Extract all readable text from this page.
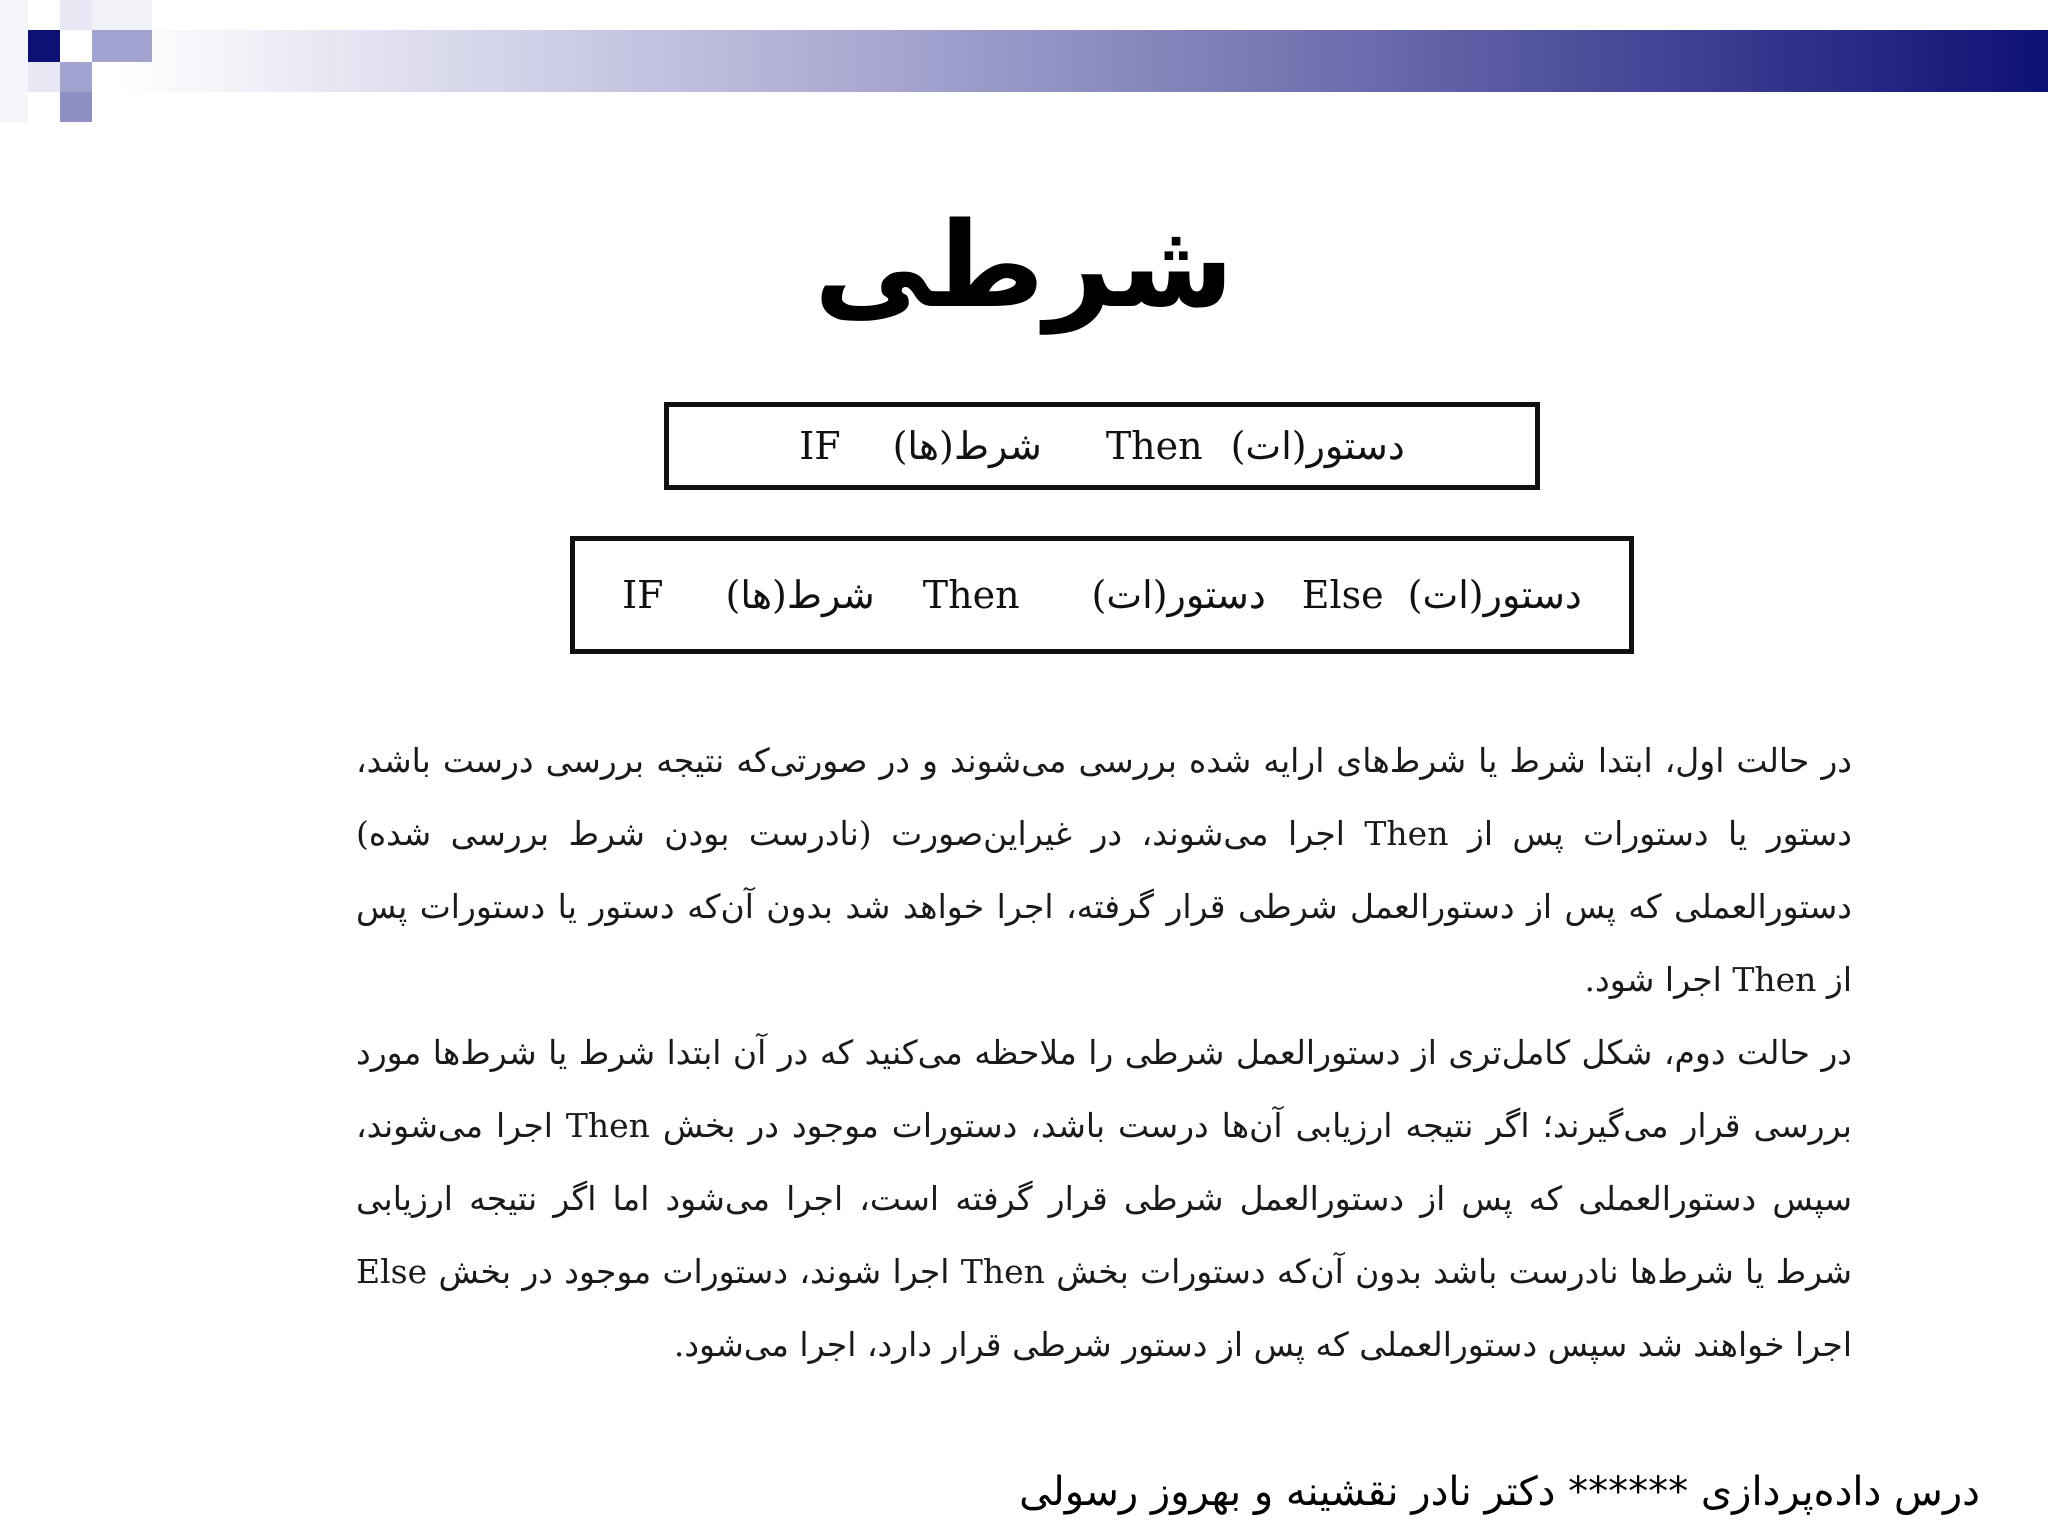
شرطی
IF شرط(ها) Then دستور(ات)
IF شرط(ها) Then دستور(ات) Else دستور(ات)

در حالت اول، ابتدا شرط یا شرط‌های ارایه شده بررسی می‌شوند و در صورتی‌که نتیجه بررسی درست باشد، دستور یا دستورات پس از Then اجرا می‌شوند، در غیراین‌صورت (نادرست بودن شرط بررسی شده) دستورالعملی که پس از دستورالعمل شرطی قرار گرفته، اجرا خواهد شد بدون آن‌که دستور یا دستورات پس از Then اجرا شود.

در حالت دوم، شکل کامل‌تری از دستورالعمل شرطی را ملاحظه می‌کنید که در آن ابتدا شرط یا شرط‌ها مورد بررسی قرار می‌گیرند؛ اگر نتیجه ارزیابی آن‌ها درست باشد، دستورات موجود در بخش Then اجرا می‌شوند، سپس دستورالعملی که پس از دستورالعمل شرطی قرار گرفته است، اجرا می‌شود اما اگر نتیجه ارزیابی شرط یا شرط‌ها نادرست باشد بدون آن‌که دستورات بخش Then اجرا شوند، دستورات موجود در بخش Else اجرا خواهند شد سپس دستورالعملی که پس از دستور شرطی قرار دارد، اجرا می‌شود.

درس داده‌پردازی ****** دکتر نادر نقشینه و بهروز رسولی
